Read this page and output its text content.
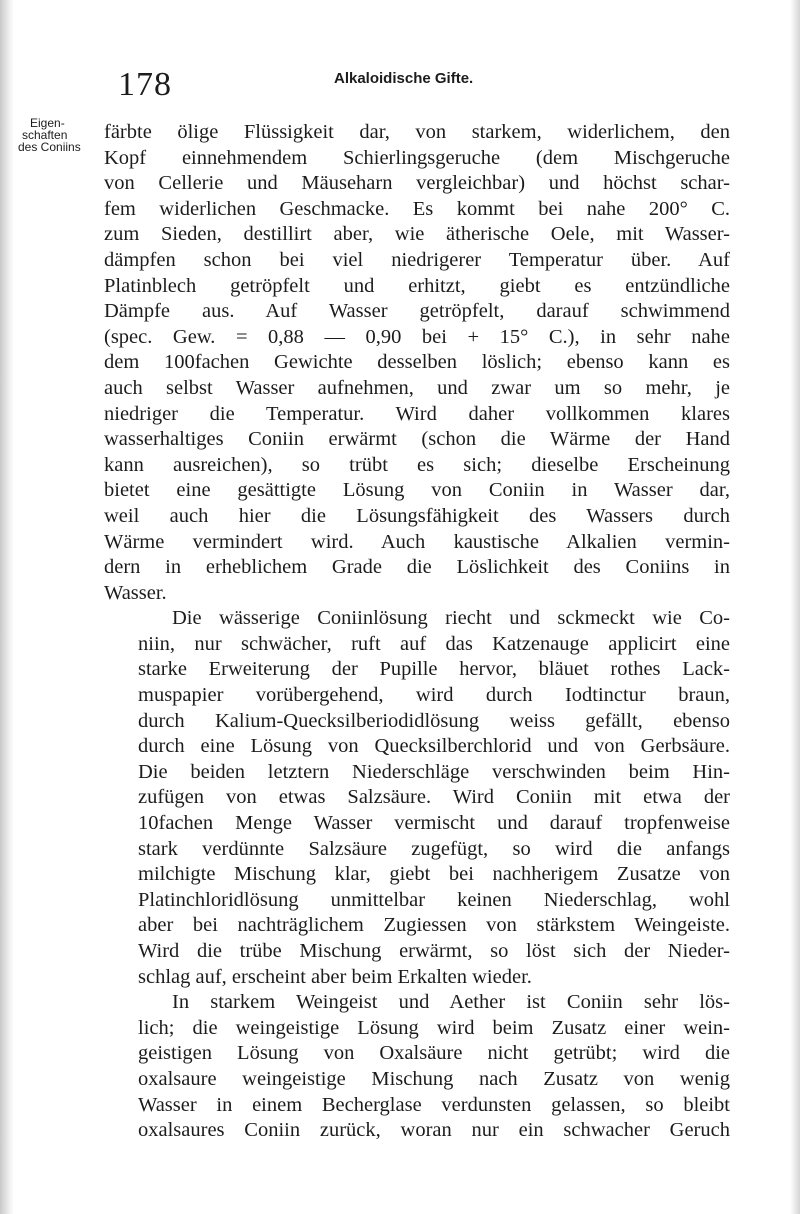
178	Alkaloidische Gifte.
Eigen-
schaften
des Coniins

färbte ölige Flüssigkeit dar, von starkem, widerlichem, den
Kopf einnehmendem Schierlingsgeruche (dem Mischgeruche
von Cellerie und Mäuseharn vergleichbar) und höchst schar-
fem widerlichen Geschmacke. Es kommt bei nahe 200° C.
zum Sieden, destillirt aber, wie ätherische Oele, mit Wasser-
dämpfen schon bei viel niedrigerer Temperatur über. Auf
Platinblech getröpfelt und erhitzt, giebt es entzündliche
Dämpfe aus. Auf Wasser getröpfelt, darauf schwimmend
(spec. Gew. = 0,88 — 0,90 bei + 15° C.), in sehr nahe
dem 100fachen Gewichte desselben löslich; ebenso kann es
auch selbst Wasser aufnehmen, und zwar um so mehr, je
niedriger die Temperatur. Wird daher vollkommen klares
wasserhaltiges Coniin erwärmt (schon die Wärme der Hand
kann ausreichen), so trübt es sich; dieselbe Erscheinung
bietet eine gesättigte Lösung von Coniin in Wasser dar,
weil auch hier die Lösungsfähigkeit des Wassers durch
Wärme vermindert wird. Auch kaustische Alkalien vermin-
dern in erheblichem Grade die Löslichkeit des Coniins in
Wasser.

Die wässerige Coniinlösung riecht und sckmeckt wie Co-
niin, nur schwächer, ruft auf das Katzenauge applicirt eine
starke Erweiterung der Pupille hervor, bläuet rothes Lack-
muspapier vorübergehend, wird durch Iodtinctur braun,
durch Kalium-Quecksilberiodidlösung weiss gefällt, ebenso
durch eine Lösung von Quecksilberchlorid und von Gerbsäure.
Die beiden letztern Niederschläge verschwinden beim Hin-
zufügen von etwas Salzsäure. Wird Coniin mit etwa der
10fachen Menge Wasser vermischt und darauf tropfenweise
stark verdünnte Salzsäure zugefügt, so wird die anfangs
milchigte Mischung klar, giebt bei nachherigem Zusatze von
Platinchloridlösung unmittelbar keinen Niederschlag, wohl
aber bei nachträglichem Zugiessen von stärkstem Weingeiste.
Wird die trübe Mischung erwärmt, so löst sich der Nieder-
schlag auf, erscheint aber beim Erkalten wieder.

In starkem Weingeist und Aether ist Coniin sehr lös-
lich; die weingeistige Lösung wird beim Zusatz einer wein-
geistigen Lösung von Oxalsäure nicht getrübt; wird die
oxalsaure weingeistige Mischung nach Zusatz von wenig
Wasser in einem Becherglase verdunsten gelassen, so bleibt
oxalsaures Coniin zurück, woran nur ein schwacher Geruch
